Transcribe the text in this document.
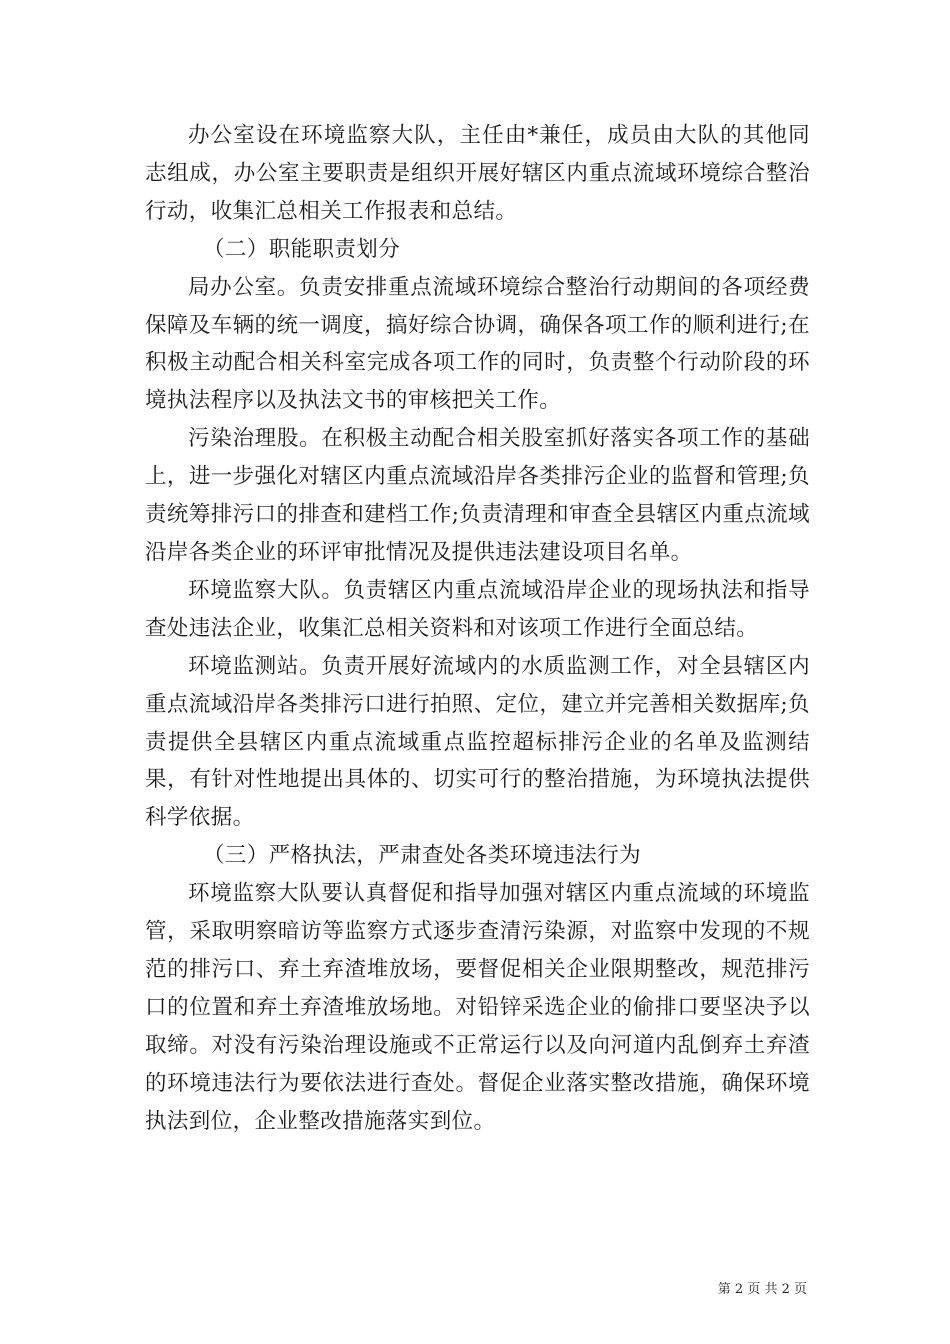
办公室设在环境监察大队，主任由*兼任，成员由大队的其他同志组成，办公室主要职责是组织开展好辖区内重点流域环境综合整治行动，收集汇总相关工作报表和总结。

（二）职能职责划分

局办公室。负责安排重点流域环境综合整治行动期间的各项经费保障及车辆的统一调度，搞好综合协调，确保各项工作的顺利进行;在积极主动配合相关科室完成各项工作的同时，负责整个行动阶段的环境执法程序以及执法文书的审核把关工作。

污染治理股。在积极主动配合相关股室抓好落实各项工作的基础上，进一步强化对辖区内重点流域沿岸各类排污企业的监督和管理;负责统筹排污口的排查和建档工作;负责清理和审查全县辖区内重点流域沿岸各类企业的环评审批情况及提供违法建设项目名单。

环境监察大队。负责辖区内重点流域沿岸企业的现场执法和指导查处违法企业，收集汇总相关资料和对该项工作进行全面总结。

环境监测站。负责开展好流域内的水质监测工作，对全县辖区内重点流域沿岸各类排污口进行拍照、定位，建立并完善相关数据库;负责提供全县辖区内重点流域重点监控超标排污企业的名单及监测结果，有针对性地提出具体的、切实可行的整治措施，为环境执法提供科学依据。

（三）严格执法，严肃查处各类环境违法行为

环境监察大队要认真督促和指导加强对辖区内重点流域的环境监管，采取明察暗访等监察方式逐步查清污染源，对监察中发现的不规范的排污口、弃土弃渣堆放场，要督促相关企业限期整改，规范排污口的位置和弃土弃渣堆放场地。对铅锌采选企业的偷排口要坚决予以取缔。对没有污染治理设施或不正常运行以及向河道内乱倒弃土弃渣的环境违法行为要依法进行查处。督促企业落实整改措施，确保环境执法到位，企业整改措施落实到位。

第 2 页 共 2 页
